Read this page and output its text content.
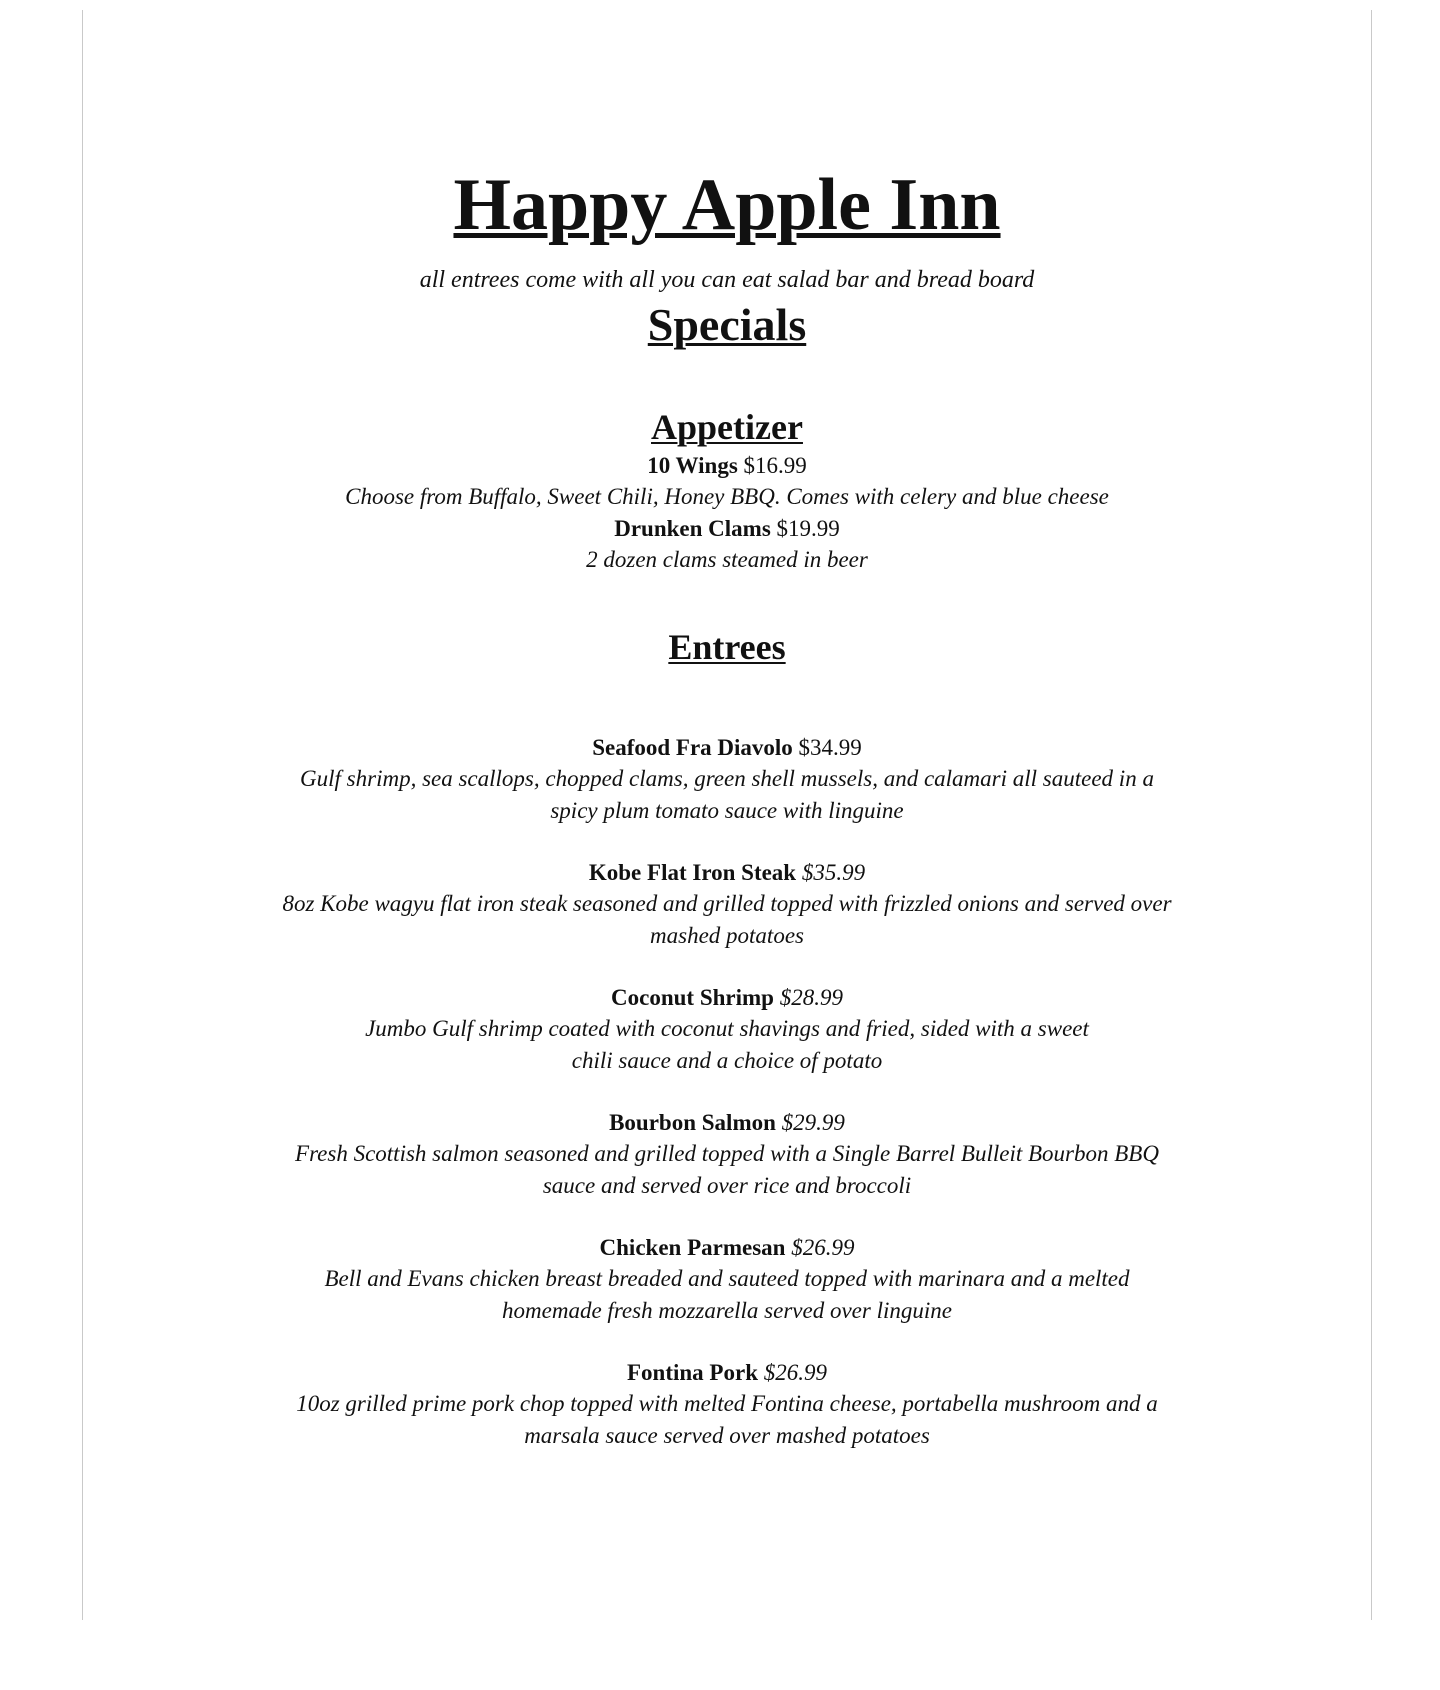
Happy Apple Inn

all entrees come with all you can eat salad bar and bread board

Specials
Appetizer
10 Wings $16.99

Choose from Buffalo, Sweet Chili, Honey BBQ. Comes with celery and blue cheese

Drunken Clams $19.99

2 dozen clams steamed in beer

Entrees
Seafood Fra Diavolo $34.99

Gulf shrimp, sea scallops, chopped clams, green shell mussels, and calamari all sauteed in a

spicy plum tomato sauce with linguine

Kobe Flat Iron Steak $35.99

8oz Kobe wagyu flat iron steak seasoned and grilled topped with frizzled onions and served over

mashed potatoes

Coconut Shrimp $28.99

Jumbo Gulf shrimp coated with coconut shavings and fried, sided with a sweet

chili sauce and a choice of potato

Bourbon Salmon $29.99

Fresh Scottish salmon seasoned and grilled topped with a Single Barrel Bulleit Bourbon BBQ

sauce and served over rice and broccoli

Chicken Parmesan $26.99

Bell and Evans chicken breast breaded and sauteed topped with marinara and a melted

homemade fresh mozzarella served over linguine

Fontina Pork $26.99

10oz grilled prime pork chop topped with melted Fontina cheese, portabella mushroom and a

marsala sauce served over mashed potatoes
